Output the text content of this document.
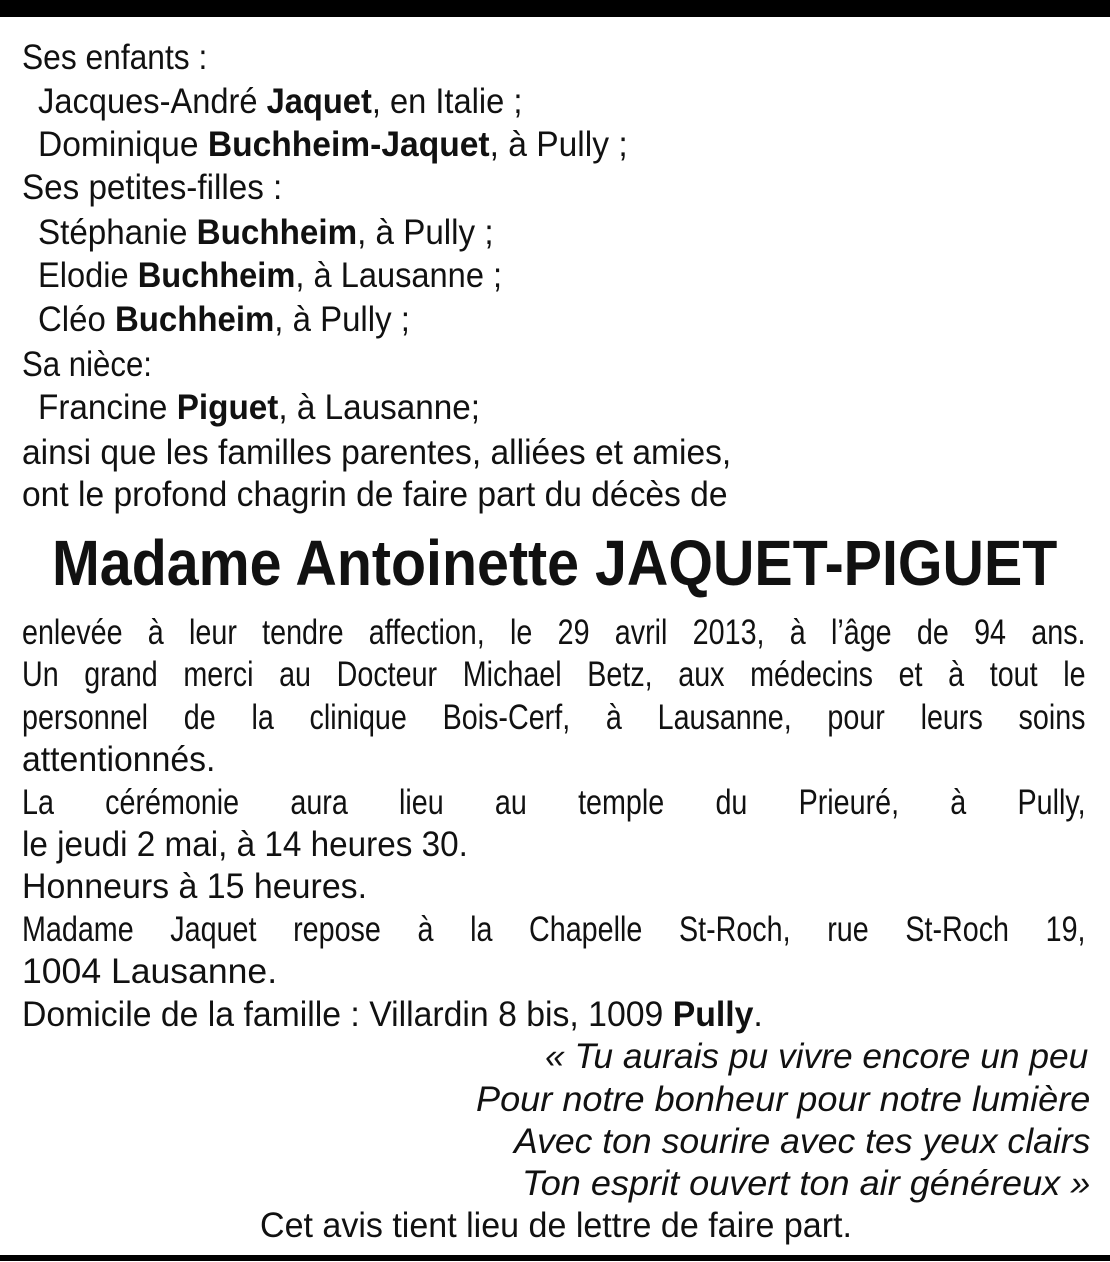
Ses enfants :
Jacques-André Jaquet, en Italie ;
Dominique Buchheim-Jaquet, à Pully ;
Ses petites-filles :
Stéphanie Buchheim, à Pully ;
Elodie Buchheim, à Lausanne ;
Cléo Buchheim, à Pully ;
Sa nièce:
Francine Piguet, à Lausanne;
ainsi que les familles parentes, alliées et amies,
ont le profond chagrin de faire part du décès de
Madame Antoinette JAQUET-PIGUET
enlevée à leur tendre affection, le 29 avril 2013, à l’âge de 94 ans.
Un grand merci au Docteur Michael Betz, aux médecins et à tout le
personnel de la clinique Bois-Cerf, à Lausanne, pour leurs soins
attentionnés.
La cérémonie aura lieu au temple du Prieuré, à Pully,
le jeudi 2 mai, à 14 heures 30.
Honneurs à 15 heures.
Madame Jaquet repose à la Chapelle St-Roch, rue St-Roch 19,
1004 Lausanne.
Domicile de la famille : Villardin 8 bis, 1009 Pully.
« Tu aurais pu vivre encore un peu
Pour notre bonheur pour notre lumière
Avec ton sourire avec tes yeux clairs
Ton esprit ouvert ton air généreux »
Cet avis tient lieu de lettre de faire part.
